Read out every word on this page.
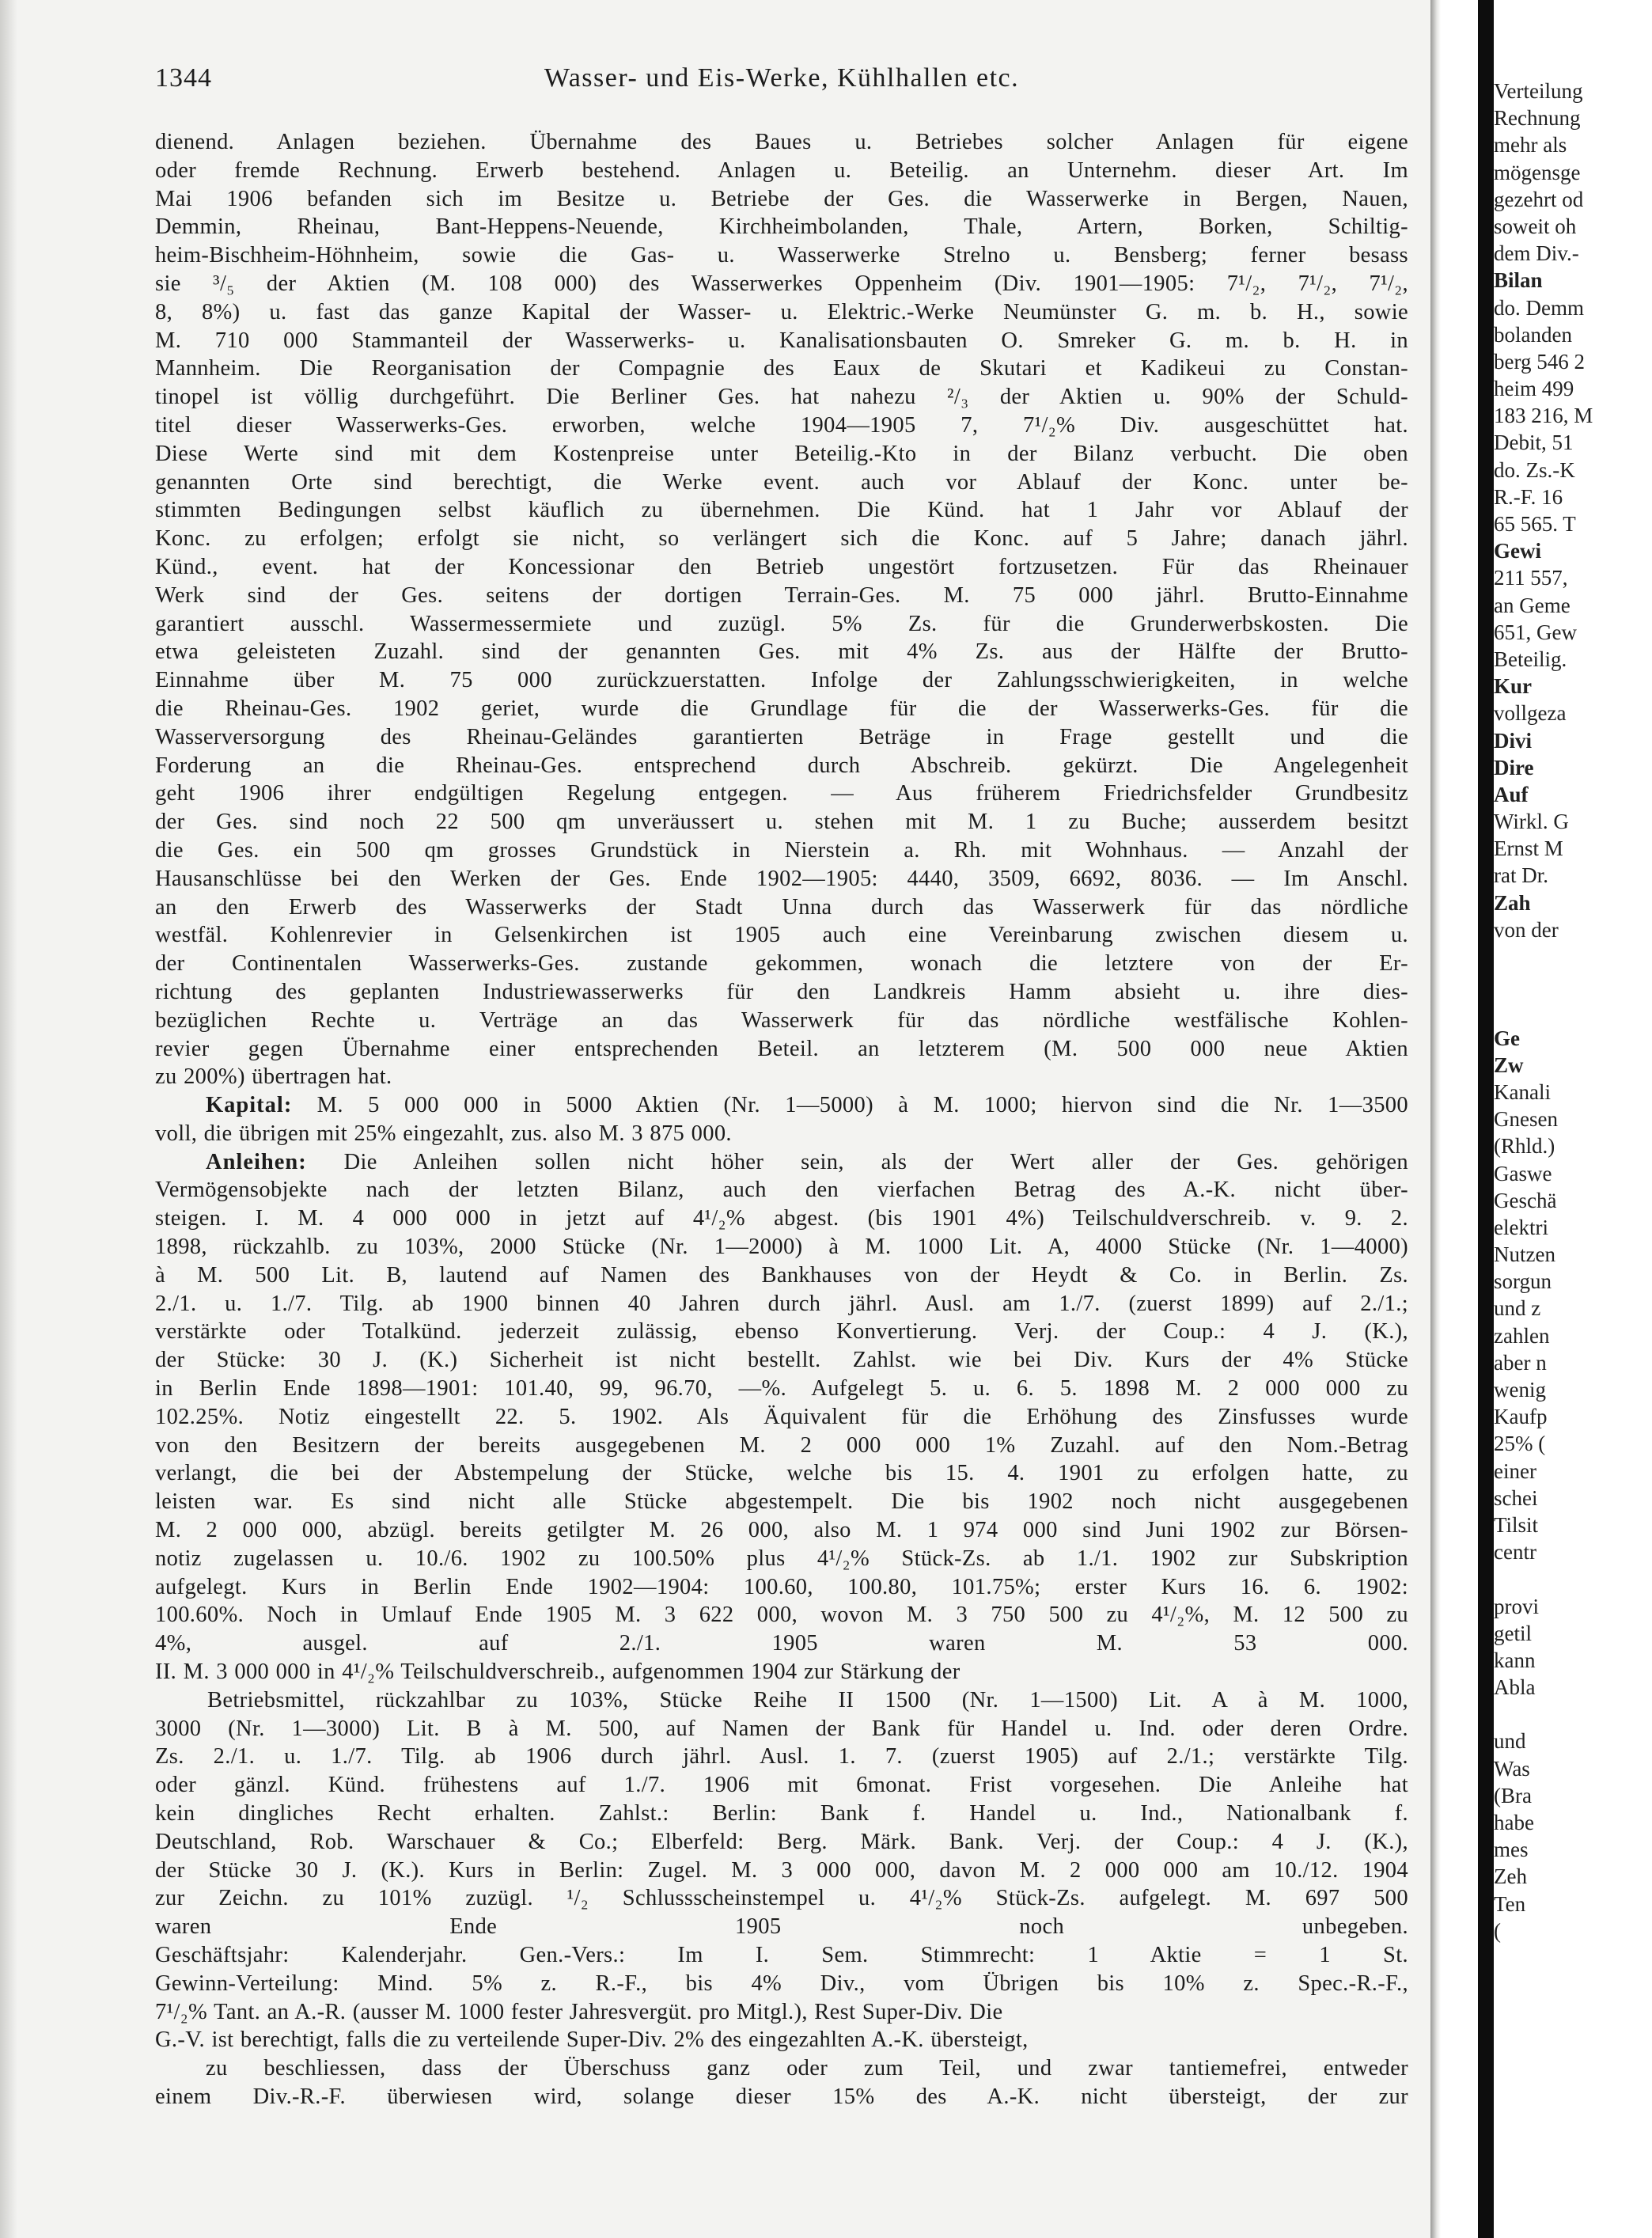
1344	Wasser- und Eis-Werke, Kühlhallen etc.
dienend. Anlagen beziehen. Übernahme des Baues u. Betriebes solcher Anlagen für eigene
oder fremde Rechnung. Erwerb bestehend. Anlagen u. Beteilig. an Unternehm. dieser Art. Im
Mai 1906 befanden sich im Besitze u. Betriebe der Ges. die Wasserwerke in Bergen, Nauen,
Demmin, Rheinau, Bant-Heppens-Neuende, Kirchheimbolanden, Thale, Artern, Borken, Schiltig-
heim-Bischheim-Höhnheim, sowie die Gas- u. Wasserwerke Strelno u. Bensberg; ferner besass
sie ³/₅ der Aktien (M. 108 000) des Wasserwerkes Oppenheim (Div. 1901—1905: 7¹/₂, 7¹/₂, 7¹/₂,
8, 8%) u. fast das ganze Kapital der Wasser- u. Elektric.-Werke Neumünster G. m. b. H., sowie
M. 710 000 Stammanteil der Wasserwerks- u. Kanalisationsbauten O. Smreker G. m. b. H. in
Mannheim. Die Reorganisation der Compagnie des Eaux de Skutari et Kadikeui zu Constan-
tinopel ist völlig durchgeführt. Die Berliner Ges. hat nahezu ²/₃ der Aktien u. 90% der Schuld-
titel dieser Wasserwerks-Ges. erworben, welche 1904—1905 7, 7¹/₂% Div. ausgeschüttet hat.
Diese Werte sind mit dem Kostenpreise unter Beteilig.-Kto in der Bilanz verbucht. Die oben
genannten Orte sind berechtigt, die Werke event. auch vor Ablauf der Konc. unter be-
stimmten Bedingungen selbst käuflich zu übernehmen. Die Künd. hat 1 Jahr vor Ablauf der
Konc. zu erfolgen; erfolgt sie nicht, so verlängert sich die Konc. auf 5 Jahre; danach jährl.
Künd., event. hat der Koncessionar den Betrieb ungestört fortzusetzen. Für das Rheinauer
Werk sind der Ges. seitens der dortigen Terrain-Ges. M. 75 000 jährl. Brutto-Einnahme
garantiert ausschl. Wassermessermiete und zuzügl. 5% Zs. für die Grunderwerbskosten. Die
etwa geleisteten Zuzahl. sind der genannten Ges. mit 4% Zs. aus der Hälfte der Brutto-
Einnahme über M. 75 000 zurückzuerstatten. Infolge der Zahlungsschwierigkeiten, in welche
die Rheinau-Ges. 1902 geriet, wurde die Grundlage für die der Wasserwerks-Ges. für die
Wasserversorgung des Rheinau-Geländes garantierten Beträge in Frage gestellt und die
Forderung an die Rheinau-Ges. entsprechend durch Abschreib. gekürzt. Die Angelegenheit
geht 1906 ihrer endgültigen Regelung entgegen. — Aus früherem Friedrichsfelder Grundbesitz
der Ges. sind noch 22 500 qm unveräussert u. stehen mit M. 1 zu Buche; ausserdem besitzt
die Ges. ein 500 qm grosses Grundstück in Nierstein a. Rh. mit Wohnhaus. — Anzahl der
Hausanschlüsse bei den Werken der Ges. Ende 1902—1905: 4440, 3509, 6692, 8036. — Im Anschl.
an den Erwerb des Wasserwerks der Stadt Unna durch das Wasserwerk für das nördliche
westfäl. Kohlenrevier in Gelsenkirchen ist 1905 auch eine Vereinbarung zwischen diesem u.
der Continentalen Wasserwerks-Ges. zustande gekommen, wonach die letztere von der Er-
richtung des geplanten Industriewasserwerks für den Landkreis Hamm absieht u. ihre dies-
bezüglichen Rechte u. Verträge an das Wasserwerk für das nördliche westfälische Kohlen-
revier gegen Übernahme einer entsprechenden Beteil. an letzterem (M. 500 000 neue Aktien
zu 200%) übertragen hat.
Kapital: M. 5 000 000 in 5000 Aktien (Nr. 1—5000) à M. 1000; hiervon sind die Nr. 1—3500
voll, die übrigen mit 25% eingezahlt, zus. also M. 3 875 000.
Anleihen: Die Anleihen sollen nicht höher sein, als der Wert aller der Ges. gehörigen
Vermögensobjekte nach der letzten Bilanz, auch den vierfachen Betrag des A.-K. nicht über-
steigen. I. M. 4 000 000 in jetzt auf 4¹/₂% abgest. (bis 1901 4%) Teilschuldverschreib. v. 9. 2.
1898, rückzahlb. zu 103%, 2000 Stücke (Nr. 1—2000) à M. 1000 Lit. A, 4000 Stücke (Nr. 1—4000)
à M. 500 Lit. B, lautend auf Namen des Bankhauses von der Heydt & Co. in Berlin. Zs.
2./1. u. 1./7. Tilg. ab 1900 binnen 40 Jahren durch jährl. Ausl. am 1./7. (zuerst 1899) auf 2./1.;
verstärkte oder Totalkünd. jederzeit zulässig, ebenso Konvertierung. Verj. der Coup.: 4 J. (K.),
der Stücke: 30 J. (K.) Sicherheit ist nicht bestellt. Zahlst. wie bei Div. Kurs der 4% Stücke
in Berlin Ende 1898—1901: 101.40, 99, 96.70, —%. Aufgelegt 5. u. 6. 5. 1898 M. 2 000 000 zu
102.25%. Notiz eingestellt 22. 5. 1902. Als Äquivalent für die Erhöhung des Zinsfusses wurde
von den Besitzern der bereits ausgegebenen M. 2 000 000 1% Zuzahl. auf den Nom.-Betrag
verlangt, die bei der Abstempelung der Stücke, welche bis 15. 4. 1901 zu erfolgen hatte, zu
leisten war. Es sind nicht alle Stücke abgestempelt. Die bis 1902 noch nicht ausgegebenen
M. 2 000 000, abzügl. bereits getilgter M. 26 000, also M. 1 974 000 sind Juni 1902 zur Börsen-
notiz zugelassen u. 10./6. 1902 zu 100.50% plus 4¹/₂% Stück-Zs. ab 1./1. 1902 zur Subskription
aufgelegt. Kurs in Berlin Ende 1902—1904: 100.60, 100.80, 101.75%; erster Kurs 16. 6. 1902:
100.60%. Noch in Umlauf Ende 1905 M. 3 622 000, wovon M. 3 750 500 zu 4¹/₂%, M. 12 500 zu
4%, ausgel. auf 2./1. 1905 waren M. 53 000.
II. M. 3 000 000 in 4¹/₂% Teilschuldverschreib., aufgenommen 1904 zur Stärkung der
Betriebsmittel, rückzahlbar zu 103%, Stücke Reihe II 1500 (Nr. 1—1500) Lit. A à M. 1000,
3000 (Nr. 1—3000) Lit. B à M. 500, auf Namen der Bank für Handel u. Ind. oder deren Ordre.
Zs. 2./1. u. 1./7. Tilg. ab 1906 durch jährl. Ausl. 1. 7. (zuerst 1905) auf 2./1.; verstärkte Tilg.
oder gänzl. Künd. frühestens auf 1./7. 1906 mit 6monat. Frist vorgesehen. Die Anleihe hat
kein dingliches Recht erhalten. Zahlst.: Berlin: Bank f. Handel u. Ind., Nationalbank f.
Deutschland, Rob. Warschauer & Co.; Elberfeld: Berg. Märk. Bank. Verj. der Coup.: 4 J. (K.),
der Stücke 30 J. (K.). Kurs in Berlin: Zugel. M. 3 000 000, davon M. 2 000 000 am 10./12. 1904
zur Zeichn. zu 101% zuzügl. ¹/₂ Schlussscheinstempel u. 4¹/₂% Stück-Zs. aufgelegt. M. 697 500
waren Ende 1905 noch unbegeben.
Geschäftsjahr: Kalenderjahr. Gen.-Vers.: Im I. Sem. Stimmrecht: 1 Aktie = 1 St.
Gewinn-Verteilung: Mind. 5% z. R.-F., bis 4% Div., vom Übrigen bis 10% z. Spec.-R.-F.,
7¹/₂% Tant. an A.-R. (ausser M. 1000 fester Jahresvergüt. pro Mitgl.), Rest Super-Div. Die
G.-V. ist berechtigt, falls die zu verteilende Super-Div. 2% des eingezahlten A.-K. übersteigt,
zu beschliessen, dass der Überschuss ganz oder zum Teil, und zwar tantiemefrei, entweder
einem Div.-R.-F. überwiesen wird, solange dieser 15% des A.-K. nicht übersteigt, der zur
Verteilung
Rechnung
mehr als
mögensge
gezehrt od
soweit oh
dem Div.-
Bilan
do. Demm
bolanden
berg 546 2
heim 499
183 216, M
Debit, 51
do. Zs.-K
R.-F. 16
65 565. T
Gewi
211 557,
an Geme
651, Gew
Beteilig.
Kur
vollgeza
Divi
Dire
Auf
Wirkl. G
Ernst M
rat Dr.
Zah
von der
Ge
Zw
Kanali
Gnesen
(Rhld.)
Gaswe
Geschä
elektri
Nutzen
sorgun
und z
zahlen
aber n
wenig
Kaufp
25% (
einer
schei
Tilsit
centr
provi
getil
kann
Abla
und
Was
(Bra
habe
mes
Zeh
Ten
(
